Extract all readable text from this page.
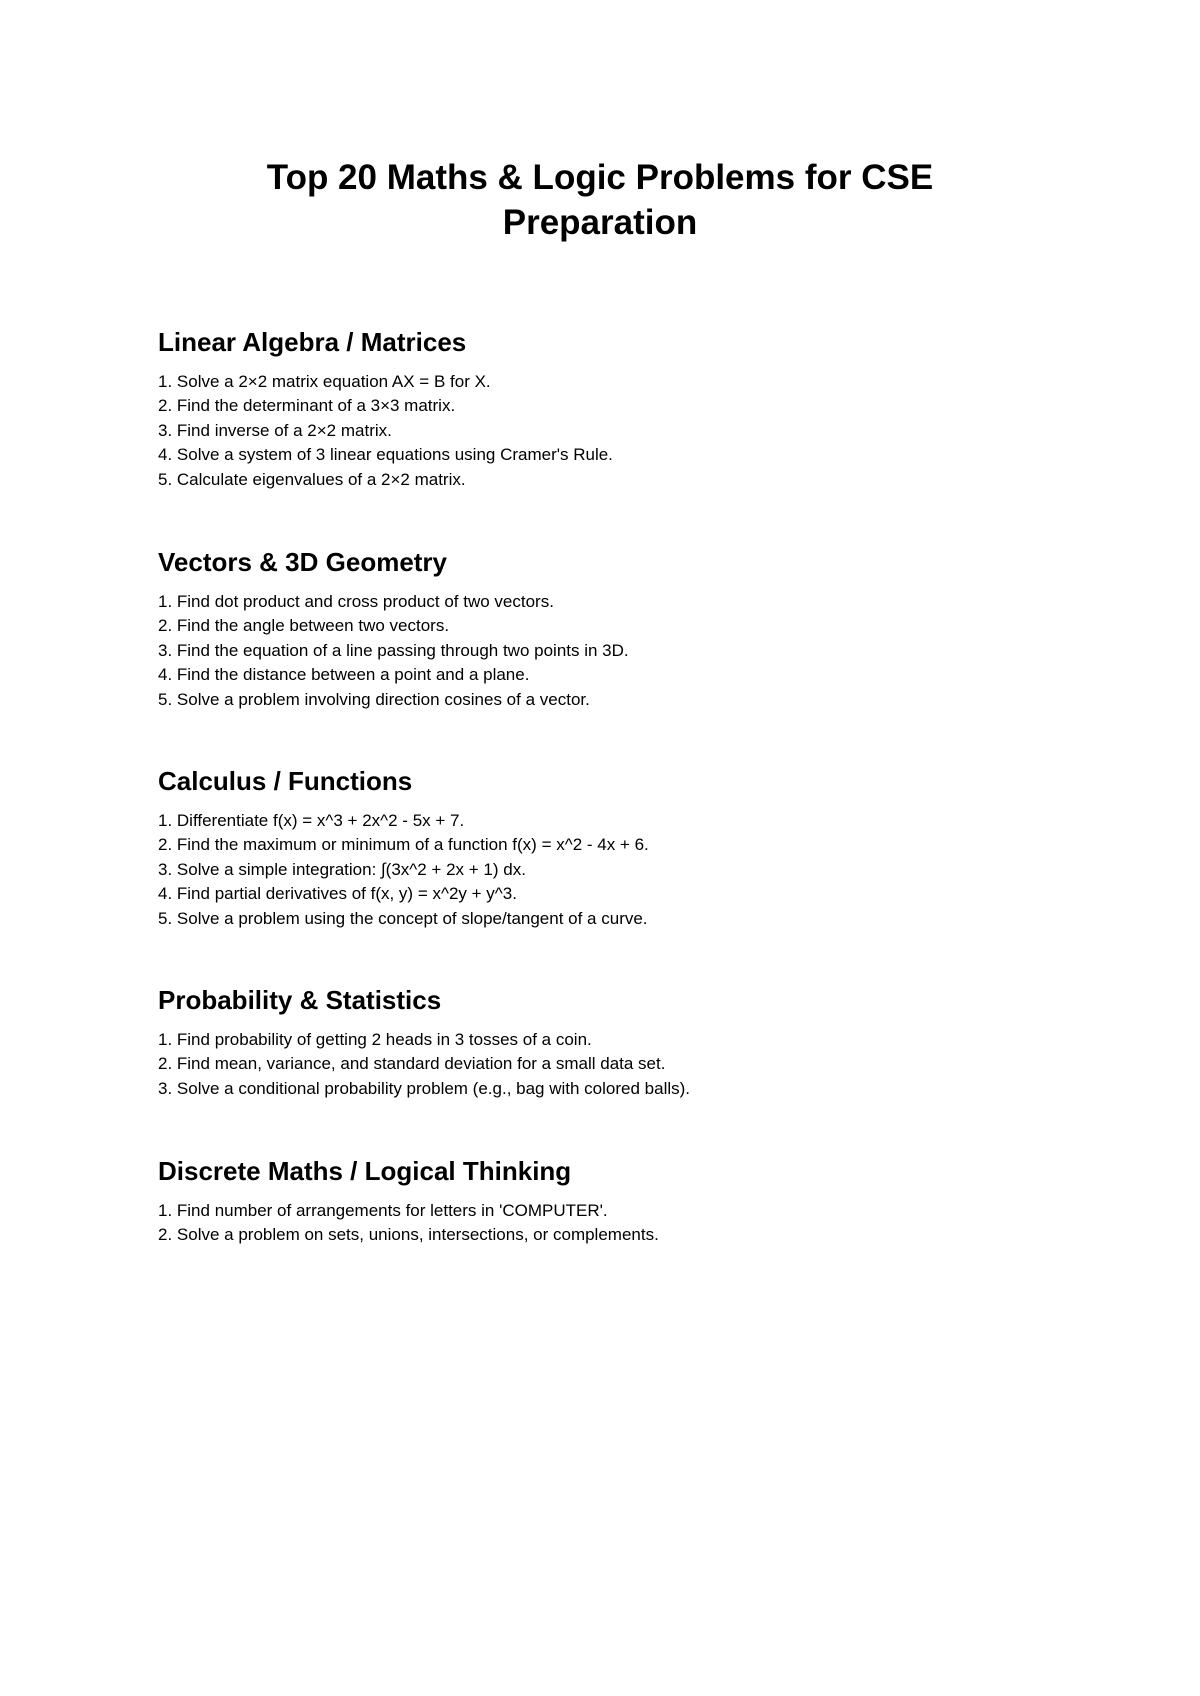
Top 20 Maths & Logic Problems for CSE
Preparation
Linear Algebra / Matrices
1. Solve a 2×2 matrix equation AX = B for X.
2. Find the determinant of a 3×3 matrix.
3. Find inverse of a 2×2 matrix.
4. Solve a system of 3 linear equations using Cramer's Rule.
5. Calculate eigenvalues of a 2×2 matrix.
Vectors & 3D Geometry
1. Find dot product and cross product of two vectors.
2. Find the angle between two vectors.
3. Find the equation of a line passing through two points in 3D.
4. Find the distance between a point and a plane.
5. Solve a problem involving direction cosines of a vector.
Calculus / Functions
1. Differentiate f(x) = x^3 + 2x^2 - 5x + 7.
2. Find the maximum or minimum of a function f(x) = x^2 - 4x + 6.
3. Solve a simple integration: ∫(3x^2 + 2x + 1) dx.
4. Find partial derivatives of f(x, y) = x^2y + y^3.
5. Solve a problem using the concept of slope/tangent of a curve.
Probability & Statistics
1. Find probability of getting 2 heads in 3 tosses of a coin.
2. Find mean, variance, and standard deviation for a small data set.
3. Solve a conditional probability problem (e.g., bag with colored balls).
Discrete Maths / Logical Thinking
1. Find number of arrangements for letters in 'COMPUTER'.
2. Solve a problem on sets, unions, intersections, or complements.
